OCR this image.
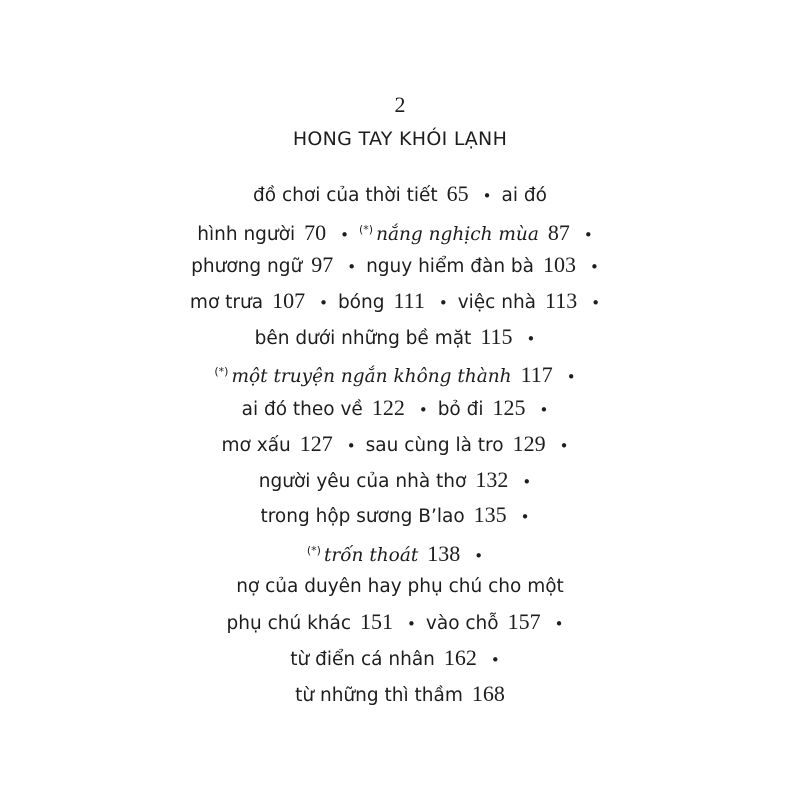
2
HONG TAY KHÓI LẠNH
đồ chơi của thời tiết 65 • ai đó
hình người 70 • (*) nắng nghịch mùa 87 •
phương ngữ 97 • nguy hiểm đàn bà 103 •
mơ trưa 107 • bóng 111 • việc nhà 113 •
bên dưới những bề mặt 115 •
(*) một truyện ngắn không thành 117 •
ai đó theo về 122 • bỏ đi 125 •
mơ xấu 127 • sau cùng là tro 129 •
người yêu của nhà thơ 132 •
trong hộp sương B’lao 135 •
(*) trốn thoát 138 •
nợ của duyên hay phụ chú cho một
phụ chú khác 151 • vào chỗ 157 •
từ điển cá nhân 162 •
từ những thì thầm 168
